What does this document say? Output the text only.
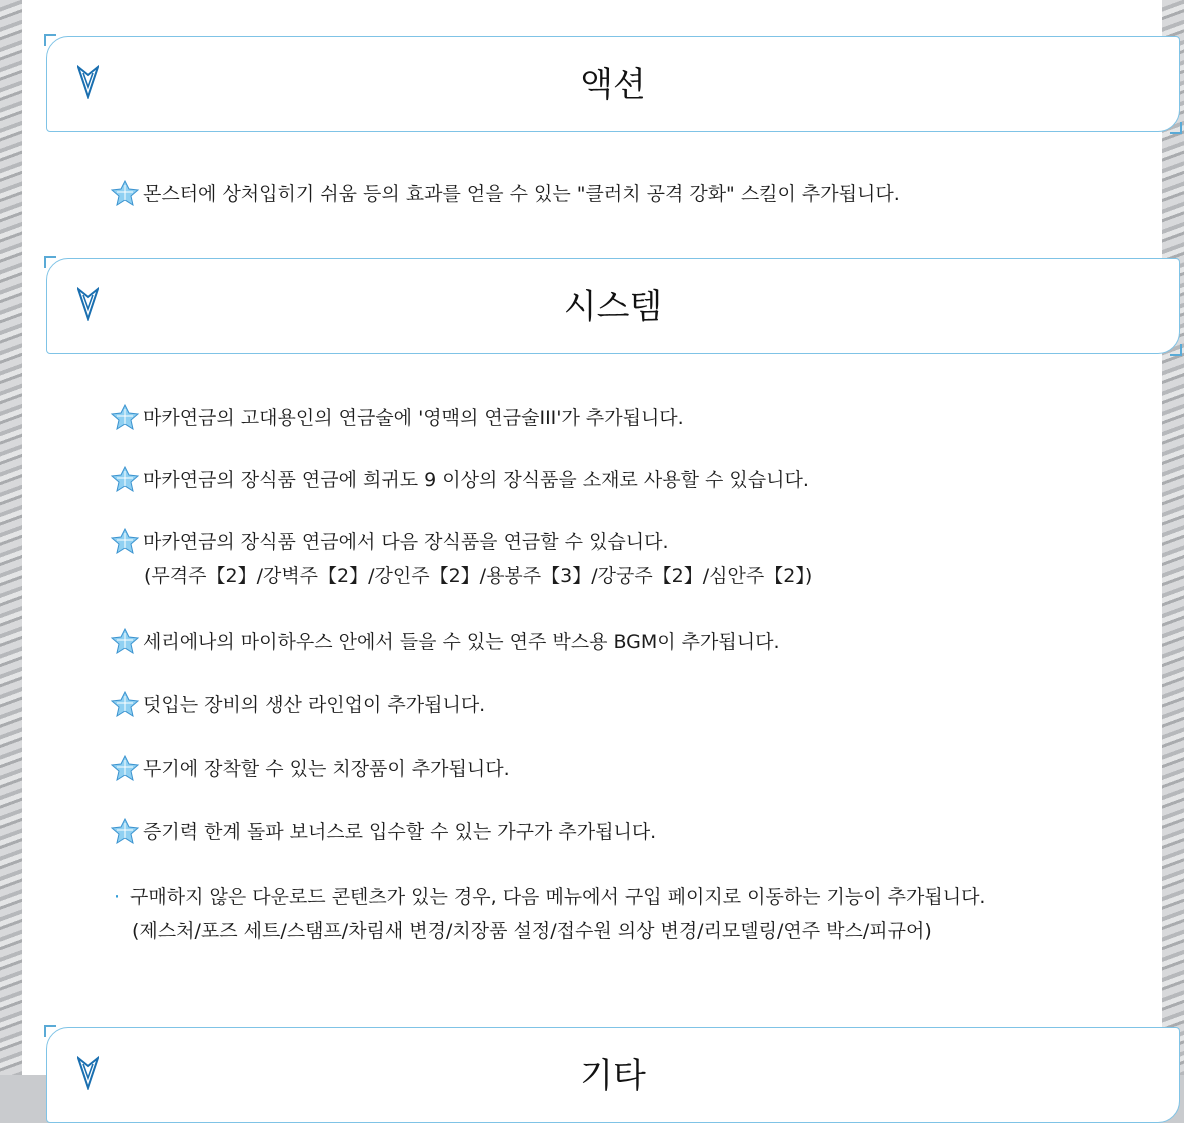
액션
몬스터에 상처입히기 쉬움 등의 효과를 얻을 수 있는 "클러치 공격 강화" 스킬이 추가됩니다.
시스템
마카연금의 고대용인의 연금술에 '영맥의 연금술III'가 추가됩니다.
마카연금의 장식품 연금에 희귀도 9 이상의 장식품을 소재로 사용할 수 있습니다.
마카연금의 장식품 연금에서 다음 장식품을 연금할 수 있습니다.
(무격주【2】/강벽주【2】/강인주【2】/용봉주【3】/강궁주【2】/심안주【2】)
세리에나의 마이하우스 안에서 들을 수 있는 연주 박스용 BGM이 추가됩니다.
덧입는 장비의 생산 라인업이 추가됩니다.
무기에 장착할 수 있는 치장품이 추가됩니다.
증기력 한계 돌파 보너스로 입수할 수 있는 가구가 추가됩니다.
· 구매하지 않은 다운로드 콘텐츠가 있는 경우, 다음 메뉴에서 구입 페이지로 이동하는 기능이 추가됩니다.
(제스처/포즈 세트/스탬프/차림새 변경/치장품 설정/접수원 의상 변경/리모델링/연주 박스/피규어)
기타
